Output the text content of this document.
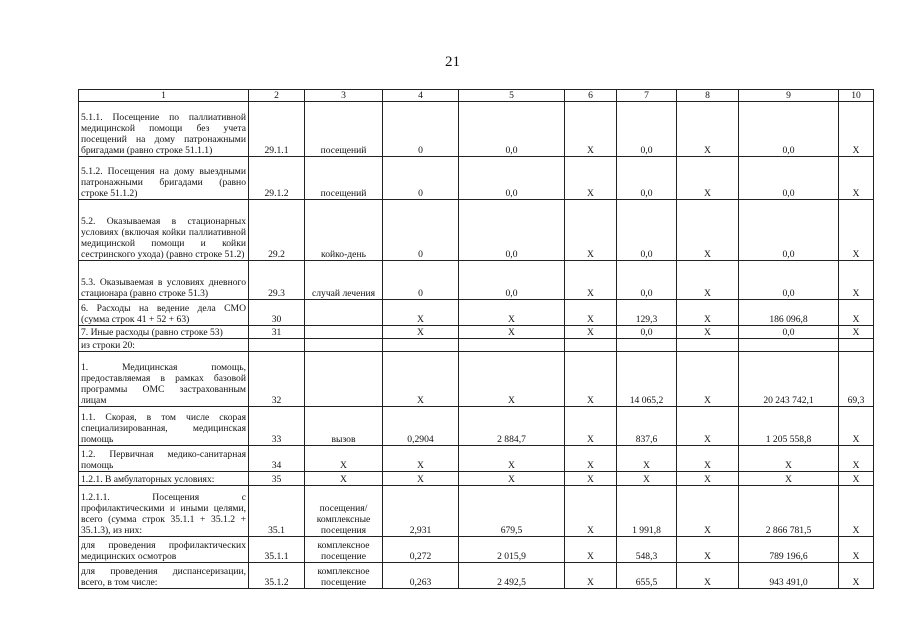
21
1	2	3	4	5	6	7	8	9	10
5.1.1. Посещение по паллиативной медицинской помощи без учета посещений на дому патронажными бригадами (равно строке 51.1.1)	29.1.1	посещений	0	0,0	X	0,0	X	0,0	X
5.1.2. Посещения на дому выездными патронажными бригадами (равно строке 51.1.2)	29.1.2	посещений	0	0,0	X	0,0	X	0,0	X
5.2. Оказываемая в стационарных условиях (включая койки паллиативной медицинской помощи и койки сестринского ухода) (равно строке 51.2)	29.2	койко-день	0	0,0	X	0,0	X	0,0	X
5.3. Оказываемая в условиях дневного стационара (равно строке 51.3)	29.3	случай лечения	0	0,0	X	0,0	X	0,0	X
6. Расходы на ведение дела СМО (сумма строк 41 + 52 + 63)	30		X	X	X	129,3	X	186 096,8	X
7. Иные расходы (равно строке 53)	31		X	X	X	0,0	X	0,0	X
из строки 20:									
1. Медицинская помощь, предоставляемая в рамках базовой программы ОМС застрахованным лицам	32		X	X	X	14 065,2	X	20 243 742,1	69,3
1.1. Скорая, в том числе скорая специализированная, медицинская помощь	33	вызов	0,2904	2 884,7	X	837,6	X	1 205 558,8	X
1.2. Первичная медико-санитарная помощь	34	X	X	X	X	X	X	X	X
1.2.1. В амбулаторных условиях:	35	X	X	X	X	X	X	X	X
1.2.1.1. Посещения с профилактическими и иными целями, всего (сумма строк 35.1.1 + 35.1.2 + 35.1.3), из них:	35.1	посещения/ комплексные посещения	2,931	679,5	X	1 991,8	X	2 866 781,5	X
для проведения профилактических медицинских осмотров	35.1.1	комплексное посещение	0,272	2 015,9	X	548,3	X	789 196,6	X
для проведения диспансеризации, всего, в том числе:	35.1.2	комплексное посещение	0,263	2 492,5	X	655,5	X	943 491,0	X
